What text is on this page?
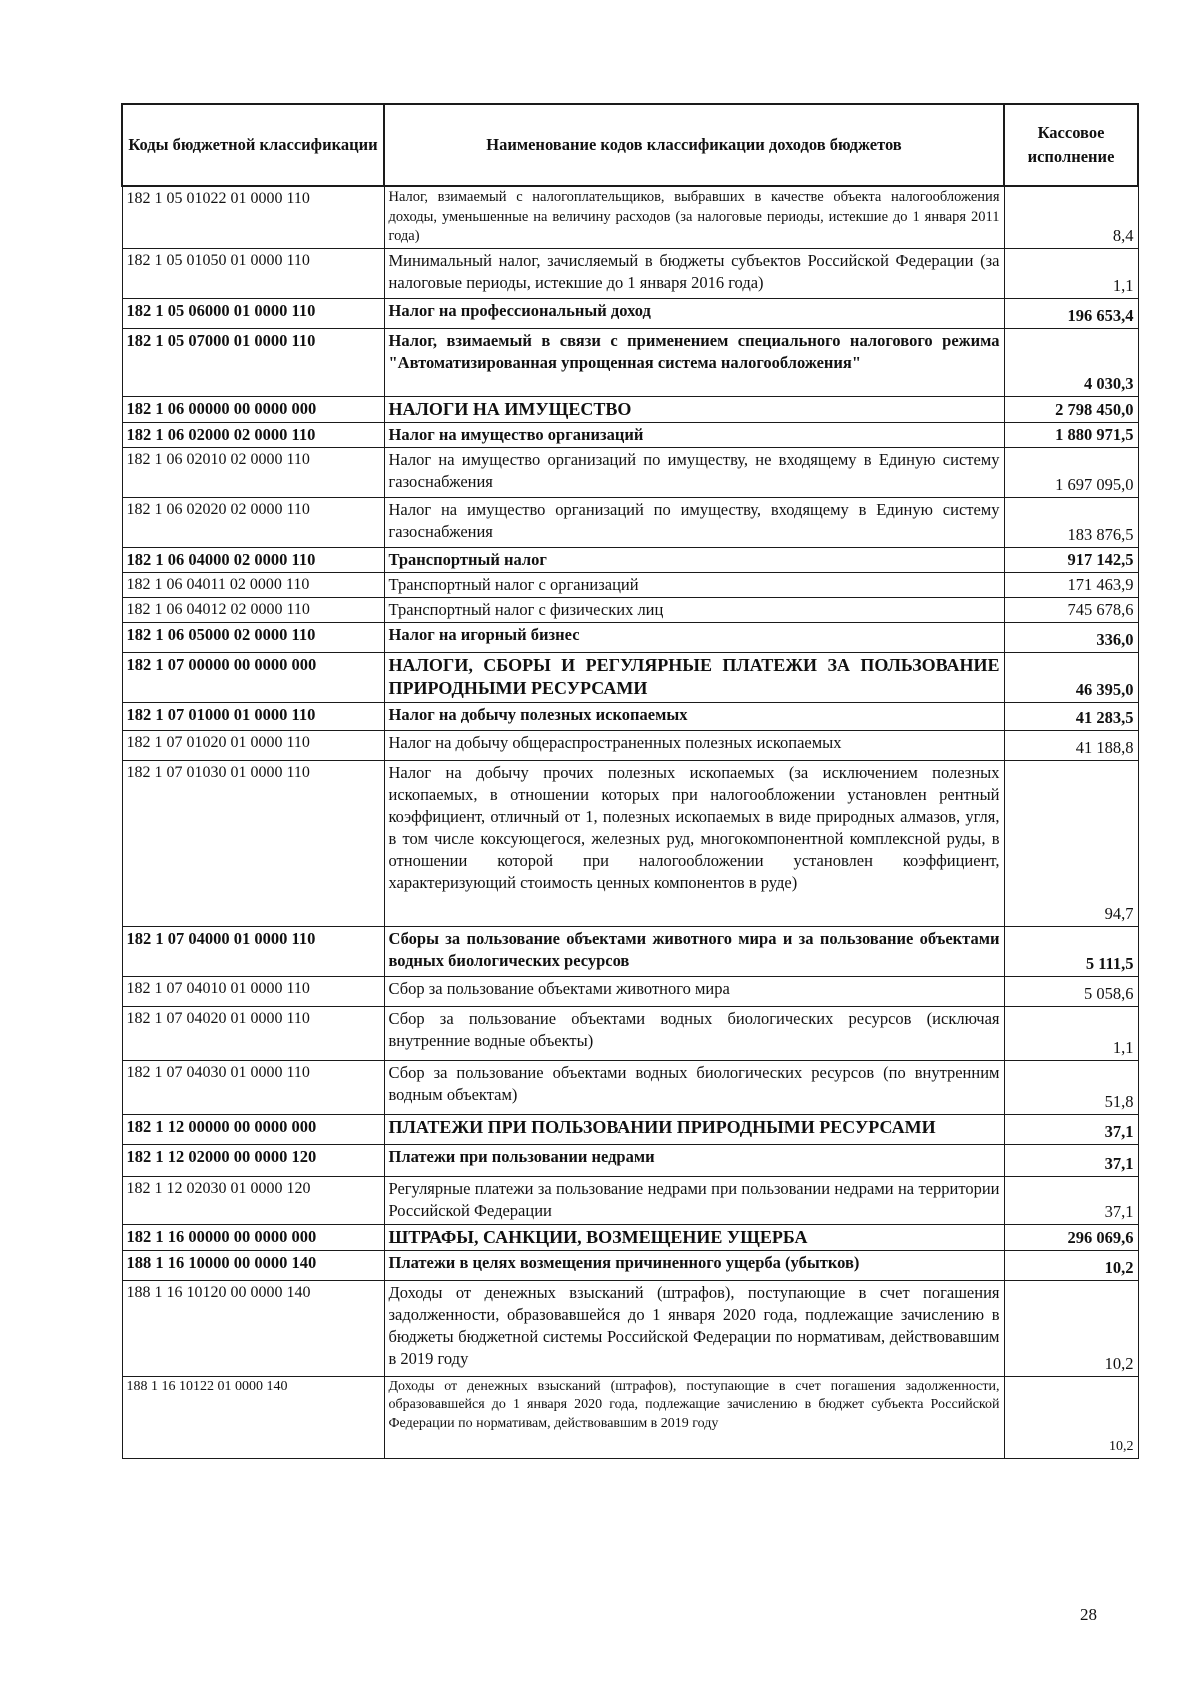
Коды бюджетной классификации	Наименование кодов классификации доходов бюджетов	Кассовое исполнение
182 1 05 01022 01 0000 110	Налог, взимаемый с налогоплательщиков, выбравших в качестве объекта налогообложения доходы, уменьшенные на величину расходов (за налоговые периоды, истекшие до 1 января 2011 года)	8,4
182 1 05 01050 01 0000 110	Минимальный налог, зачисляемый в бюджеты субъектов Российской Федерации (за налоговые периоды, истекшие до 1 января 2016 года)	1,1
182 1 05 06000 01 0000 110	Налог на профессиональный доход	196 653,4
182 1 05 07000 01 0000 110	Налог, взимаемый в связи с применением специального налогового режима "Автоматизированная упрощенная система налогообложения"	4 030,3
182 1 06 00000 00 0000 000	НАЛОГИ НА ИМУЩЕСТВО	2 798 450,0
182 1 06 02000 02 0000 110	Налог на имущество организаций	1 880 971,5
182 1 06 02010 02 0000 110	Налог на имущество организаций по имуществу, не входящему в Единую систему газоснабжения	1 697 095,0
182 1 06 02020 02 0000 110	Налог на имущество организаций по имуществу, входящему в Единую систему газоснабжения	183 876,5
182 1 06 04000 02 0000 110	Транспортный налог	917 142,5
182 1 06 04011 02 0000 110	Транспортный налог с организаций	171 463,9
182 1 06 04012 02 0000 110	Транспортный налог с физических лиц	745 678,6
182 1 06 05000 02 0000 110	Налог на игорный бизнес	336,0
182 1 07 00000 00 0000 000	НАЛОГИ, СБОРЫ И РЕГУЛЯРНЫЕ ПЛАТЕЖИ ЗА ПОЛЬЗОВАНИЕ ПРИРОДНЫМИ РЕСУРСАМИ	46 395,0
182 1 07 01000 01 0000 110	Налог на добычу полезных ископаемых	41 283,5
182 1 07 01020 01 0000 110	Налог на добычу общераспространенных полезных ископаемых	41 188,8
182 1 07 01030 01 0000 110	Налог на добычу прочих полезных ископаемых (за исключением полезных ископаемых, в отношении которых при налогообложении установлен рентный коэффициент, отличный от 1, полезных ископаемых в виде природных алмазов, угля, в том числе коксующегося, железных руд, многокомпонентной комплексной руды, в отношении которой при налогообложении установлен коэффициент, характеризующий стоимость ценных компонентов в руде)	94,7
182 1 07 04000 01 0000 110	Сборы за пользование объектами животного мира и за пользование объектами водных биологических ресурсов	5 111,5
182 1 07 04010 01 0000 110	Сбор за пользование объектами животного мира	5 058,6
182 1 07 04020 01 0000 110	Сбор за пользование объектами водных биологических ресурсов (исключая внутренние водные объекты)	1,1
182 1 07 04030 01 0000 110	Сбор за пользование объектами водных биологических ресурсов (по внутренним водным объектам)	51,8
182 1 12 00000 00 0000 000	ПЛАТЕЖИ ПРИ ПОЛЬЗОВАНИИ ПРИРОДНЫМИ РЕСУРСАМИ	37,1
182 1 12 02000 00 0000 120	Платежи при пользовании недрами	37,1
182 1 12 02030 01 0000 120	Регулярные платежи за пользование недрами при пользовании недрами на территории Российской Федерации	37,1
182 1 16 00000 00 0000 000	ШТРАФЫ, САНКЦИИ, ВОЗМЕЩЕНИЕ УЩЕРБА	296 069,6
188 1 16 10000 00 0000 140	Платежи в целях возмещения причиненного ущерба (убытков)	10,2
188 1 16 10120 00 0000 140	Доходы от денежных взысканий (штрафов), поступающие в счет погашения задолженности, образовавшейся до 1 января 2020 года, подлежащие зачислению в бюджеты бюджетной системы Российской Федерации по нормативам, действовавшим в 2019 году	10,2
188 1 16 10122 01 0000 140	Доходы от денежных взысканий (штрафов), поступающие в счет погашения задолженности, образовавшейся до 1 января 2020 года, подлежащие зачислению в бюджет субъекта Российской Федерации по нормативам, действовавшим в 2019 году	10,2
28
